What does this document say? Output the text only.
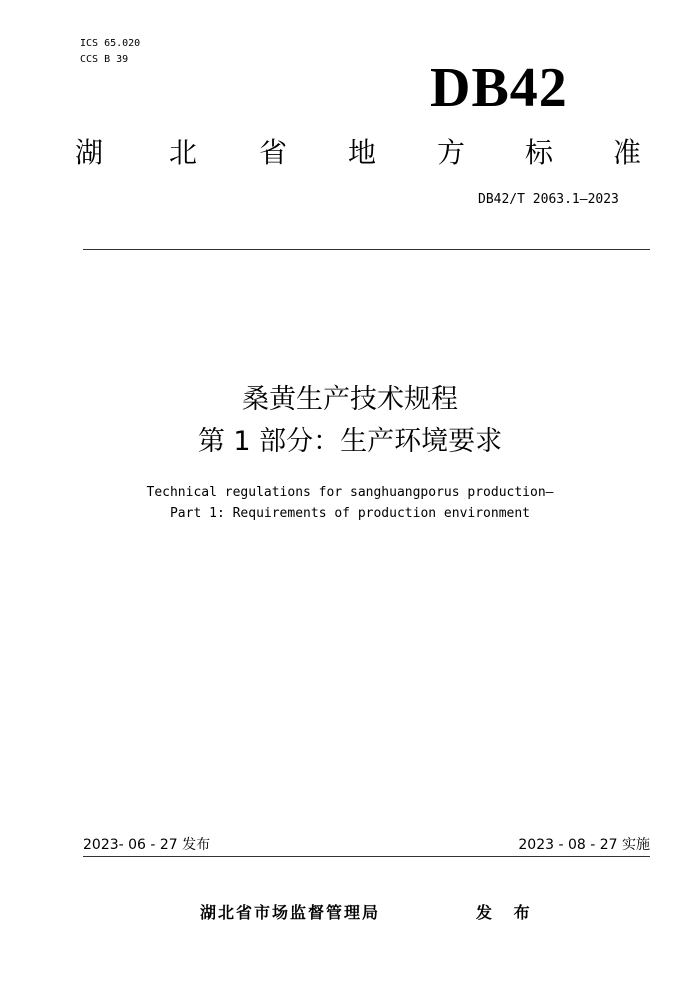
ICS 65.020
CCS B 39	DB42
湖 北 省 地 方 标 准
DB42/T 2063.1—2023
桑黄生产技术规程
第 1 部分：生产环境要求
Technical regulations for sanghuangporus production—
Part 1: Requirements of production environment
2023- 06 - 27 发布	2023 - 08 - 27 实施
湖北省市场监督管理局	发 布
